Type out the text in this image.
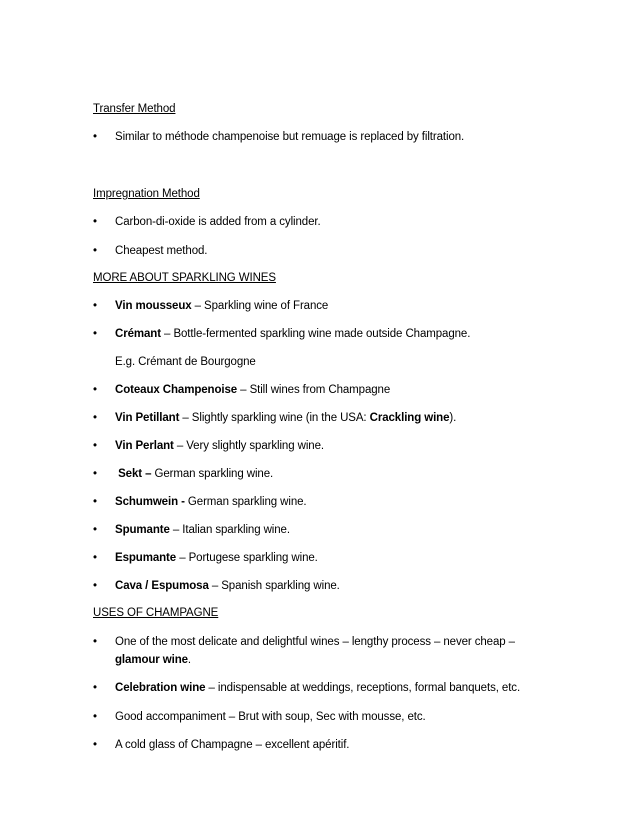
Transfer Method
• Similar to méthode champenoise but remuage is replaced by filtration.
Impregnation Method
• Carbon-di-oxide is added from a cylinder.
• Cheapest method.
MORE ABOUT SPARKLING WINES
• Vin mousseux – Sparkling wine of France
• Crémant – Bottle-fermented sparkling wine made outside Champagne.
E.g. Crémant de Bourgogne
• Coteaux Champenoise – Still wines from Champagne
• Vin Petillant – Slightly sparkling wine (in the USA: Crackling wine).
• Vin Perlant – Very slightly sparkling wine.
• Sekt – German sparkling wine.
• Schumwein - German sparkling wine.
• Spumante – Italian sparkling wine.
• Espumante – Portugese sparkling wine.
• Cava / Espumosa – Spanish sparkling wine.
USES OF CHAMPAGNE
• One of the most delicate and delightful wines – lengthy process – never cheap –
glamour wine.
• Celebration wine – indispensable at weddings, receptions, formal banquets, etc.
• Good accompaniment – Brut with soup, Sec with mousse, etc.
• A cold glass of Champagne – excellent apéritif.
